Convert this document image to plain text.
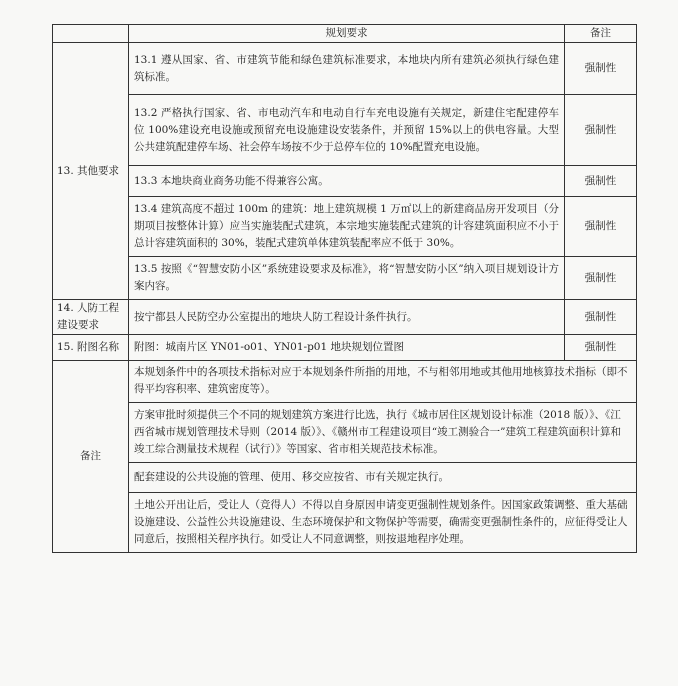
	规划要求	备注
13. 其他要求	13.1 遵从国家、省、市建筑节能和绿色建筑标准要求，本地块内所有建筑必须执行绿色建筑标准。	强制性
	13.2 严格执行国家、省、市电动汽车和电动自行车充电设施有关规定，新建住宅配建停车位 100%建设充电设施或预留充电设施建设安装条件，并预留 15%以上的供电容量。大型公共建筑配建停车场、社会停车场按不少于总停车位的 10%配置充电设施。	强制性
	13.3 本地块商业商务功能不得兼容公寓。	强制性
	13.4 建筑高度不超过 100m 的建筑：地上建筑规模 1 万㎡以上的新建商品房开发项目（分期项目按整体计算）应当实施装配式建筑，本宗地实施装配式建筑的计容建筑面积应不小于总计容建筑面积的 30%，装配式建筑单体建筑装配率应不低于 30%。	强制性
	13.5 按照《“智慧安防小区”系统建设要求及标准》，将“智慧安防小区”纳入项目规划设计方案内容。	强制性
14. 人防工程建设要求	按宁都县人民防空办公室提出的地块人防工程设计条件执行。	强制性
15. 附图名称	附图：城南片区 YN01-o01、YN01-p01 地块规划位置图	强制性
备注	本规划条件中的各项技术指标对应于本规划条件所指的用地，不与相邻用地或其他用地核算技术指标（即不得平均容积率、建筑密度等）。	
	方案审批时须提供三个不同的规划建筑方案进行比选，执行《城市居住区规划设计标准（2018 版）》、《江西省城市规划管理技术导则（2014 版）》、《赣州市工程建设项目“竣工测验合一”建筑工程建筑面积计算和竣工综合测量技术规程（试行）》等国家、省市相关规范技术标准。	
	配套建设的公共设施的管理、使用、移交应按省、市有关规定执行。	
	土地公开出让后，受让人（竞得人）不得以自身原因申请变更强制性规划条件。因国家政策调整、重大基础设施建设、公益性公共设施建设、生态环境保护和文物保护等需要，确需变更强制性条件的，应征得受让人同意后，按照相关程序执行。如受让人不同意调整，则按退地程序处理。	
